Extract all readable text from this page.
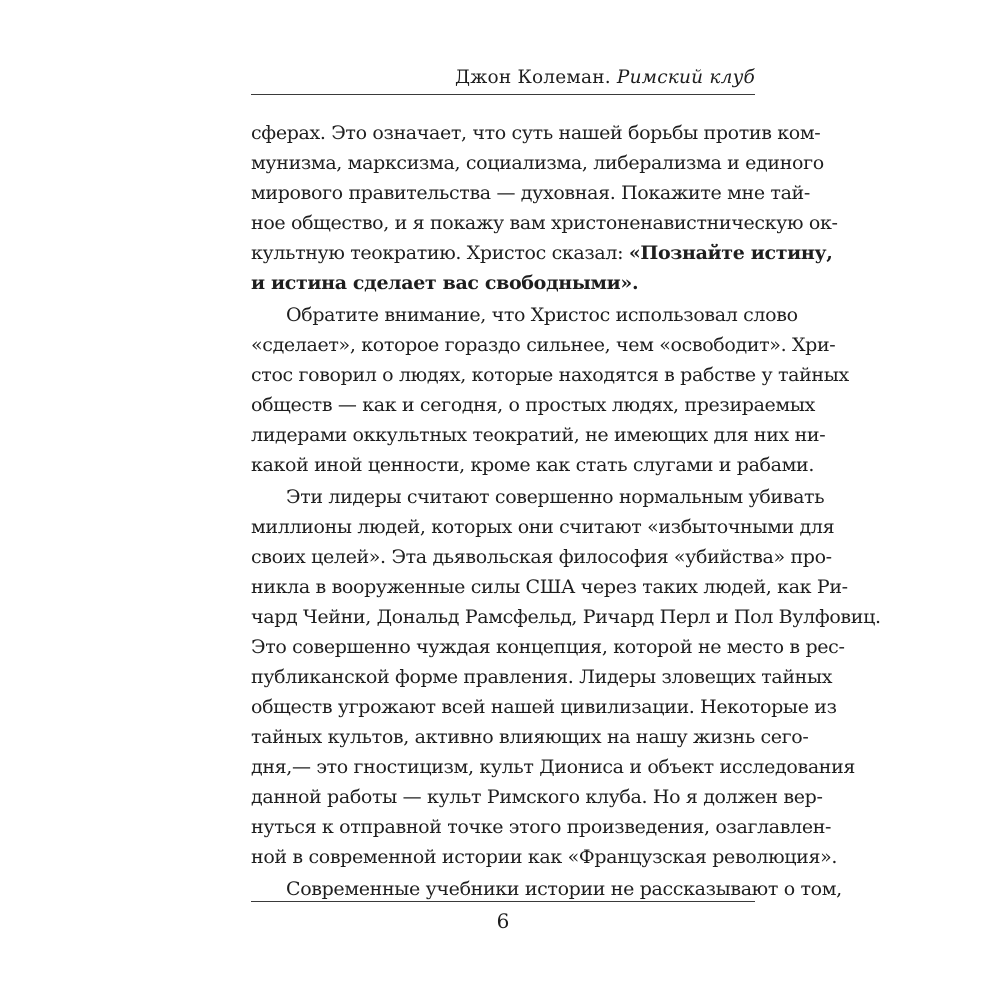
Джон Колеман. Римский клуб
сферах. Это означает, что суть нашей борьбы против ком-
мунизма, марксизма, социализма, либерализма и единого
мирового правительства — духовная. Покажите мне тай-
ное общество, и я покажу вам христоненавистническую ок-
культную теократию. Христос сказал: «Познайте истину,
и истина сделает вас свободными».
Обратите внимание, что Христос использовал слово
«сделает», которое гораздо сильнее, чем «освободит». Хри-
стос говорил о людях, которые находятся в рабстве у тайных
обществ — как и сегодня, о простых людях, презираемых
лидерами оккультных теократий, не имеющих для них ни-
какой иной ценности, кроме как стать слугами и рабами.
Эти лидеры считают совершенно нормальным убивать
миллионы людей, которых они считают «избыточными для
своих целей». Эта дьявольская философия «убийства» про-
никла в вооруженные силы США через таких людей, как Ри-
чард Чейни, Дональд Рамсфельд, Ричард Перл и Пол Вулфовиц.
Это совершенно чуждая концепция, которой не место в рес-
публиканской форме правления. Лидеры зловещих тайных
обществ угрожают всей нашей цивилизации. Некоторые из
тайных культов, активно влияющих на нашу жизнь сего-
дня,— это гностицизм, культ Диониса и объект исследования
данной работы — культ Римского клуба. Но я должен вер-
нуться к отправной точке этого произведения, озаглавлен-
ной в современной истории как «Французская революция».
Современные учебники истории не рассказывают о том,
6
